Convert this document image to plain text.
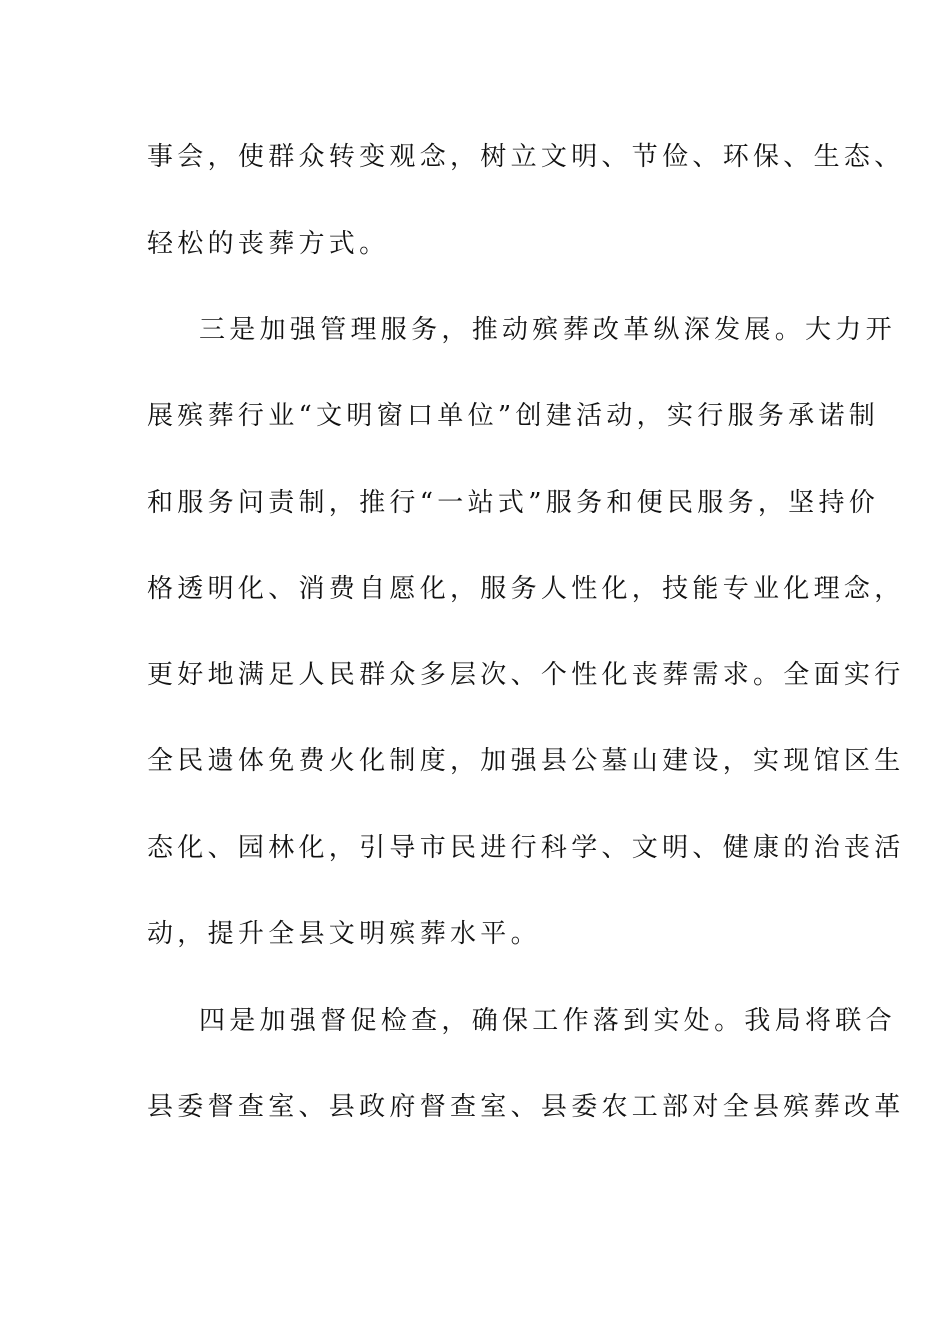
事会，使群众转变观念，树立文明、节俭、环保、生态、
轻松的丧葬方式。
三是加强管理服务，推动殡葬改革纵深发展。大力开
展殡葬行业“文明窗口单位”创建活动，实行服务承诺制
和服务问责制，推行“一站式”服务和便民服务，坚持价
格透明化、消费自愿化，服务人性化，技能专业化理念，
更好地满足人民群众多层次、个性化丧葬需求。全面实行
全民遗体免费火化制度，加强县公墓山建设，实现馆区生
态化、园林化，引导市民进行科学、文明、健康的治丧活
动，提升全县文明殡葬水平。
四是加强督促检查，确保工作落到实处。我局将联合
县委督查室、县政府督查室、县委农工部对全县殡葬改革
